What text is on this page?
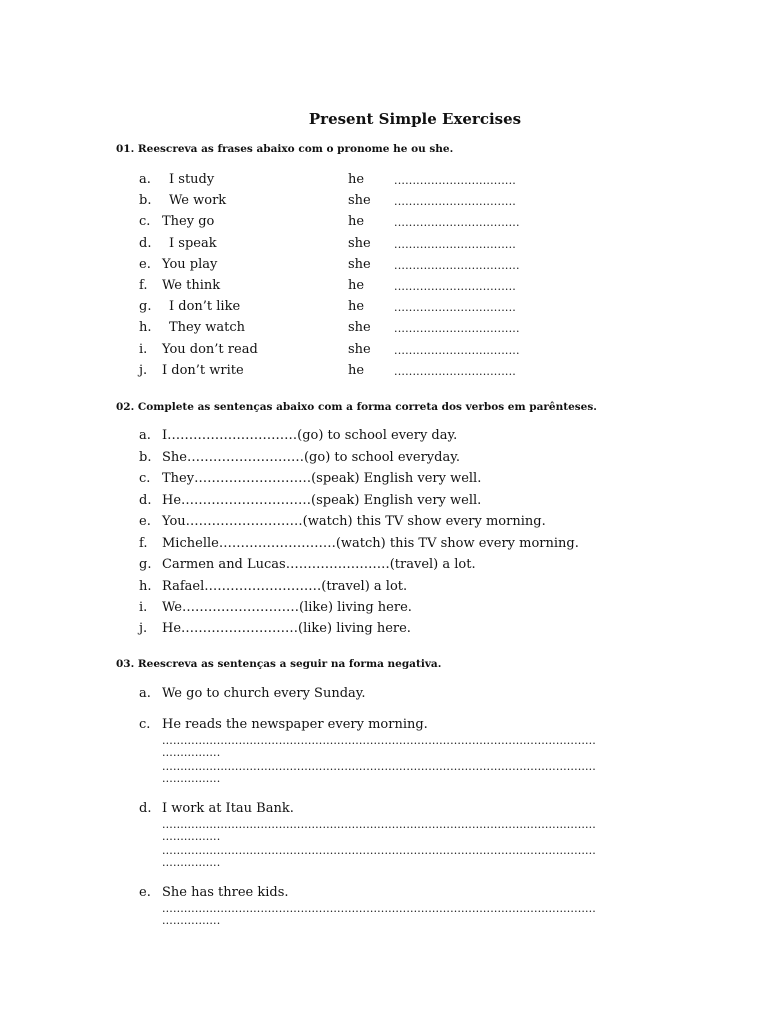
Present Simple Exercises
01. Reescreva as frases abaixo com o pronome he ou she.
a. I study	he	.................................
b. We work	she .................................
c. They go	he	..................................
d. I speak	she .................................
e. You play	she ..................................
f. We think	he	.................................
g. I don’t like	he	.................................
h. They watch	she ..................................
i. You don’t read	she ..................................
j. I don’t write	he	.................................
02. Complete as sentenças abaixo com a forma correta dos verbos em parênteses.
a. I…………………………(go) to school every day.
b. She………………………(go) to school everyday.
c. They………………………(speak) English very well.
d. He…………………………(speak) English very well.
e. You………………………(watch) this TV show every morning.
f. Michelle………………………(watch) this TV show every morning.
g. Carmen and Lucas……………………(travel) a lot.
h. Rafael………………………(travel) a lot.
i. We………………………(like) living here.
j. He………………………(like) living here.
03. Reescreva as sentenças a seguir na forma negativa.
a. We go to church every Sunday.
c. He reads the newspaper every morning.
.......................................................................................................................
................
.......................................................................................................................
................
d. I work at Itau Bank.
.......................................................................................................................
................
.......................................................................................................................
................
e. She has three kids.
.......................................................................................................................
................
